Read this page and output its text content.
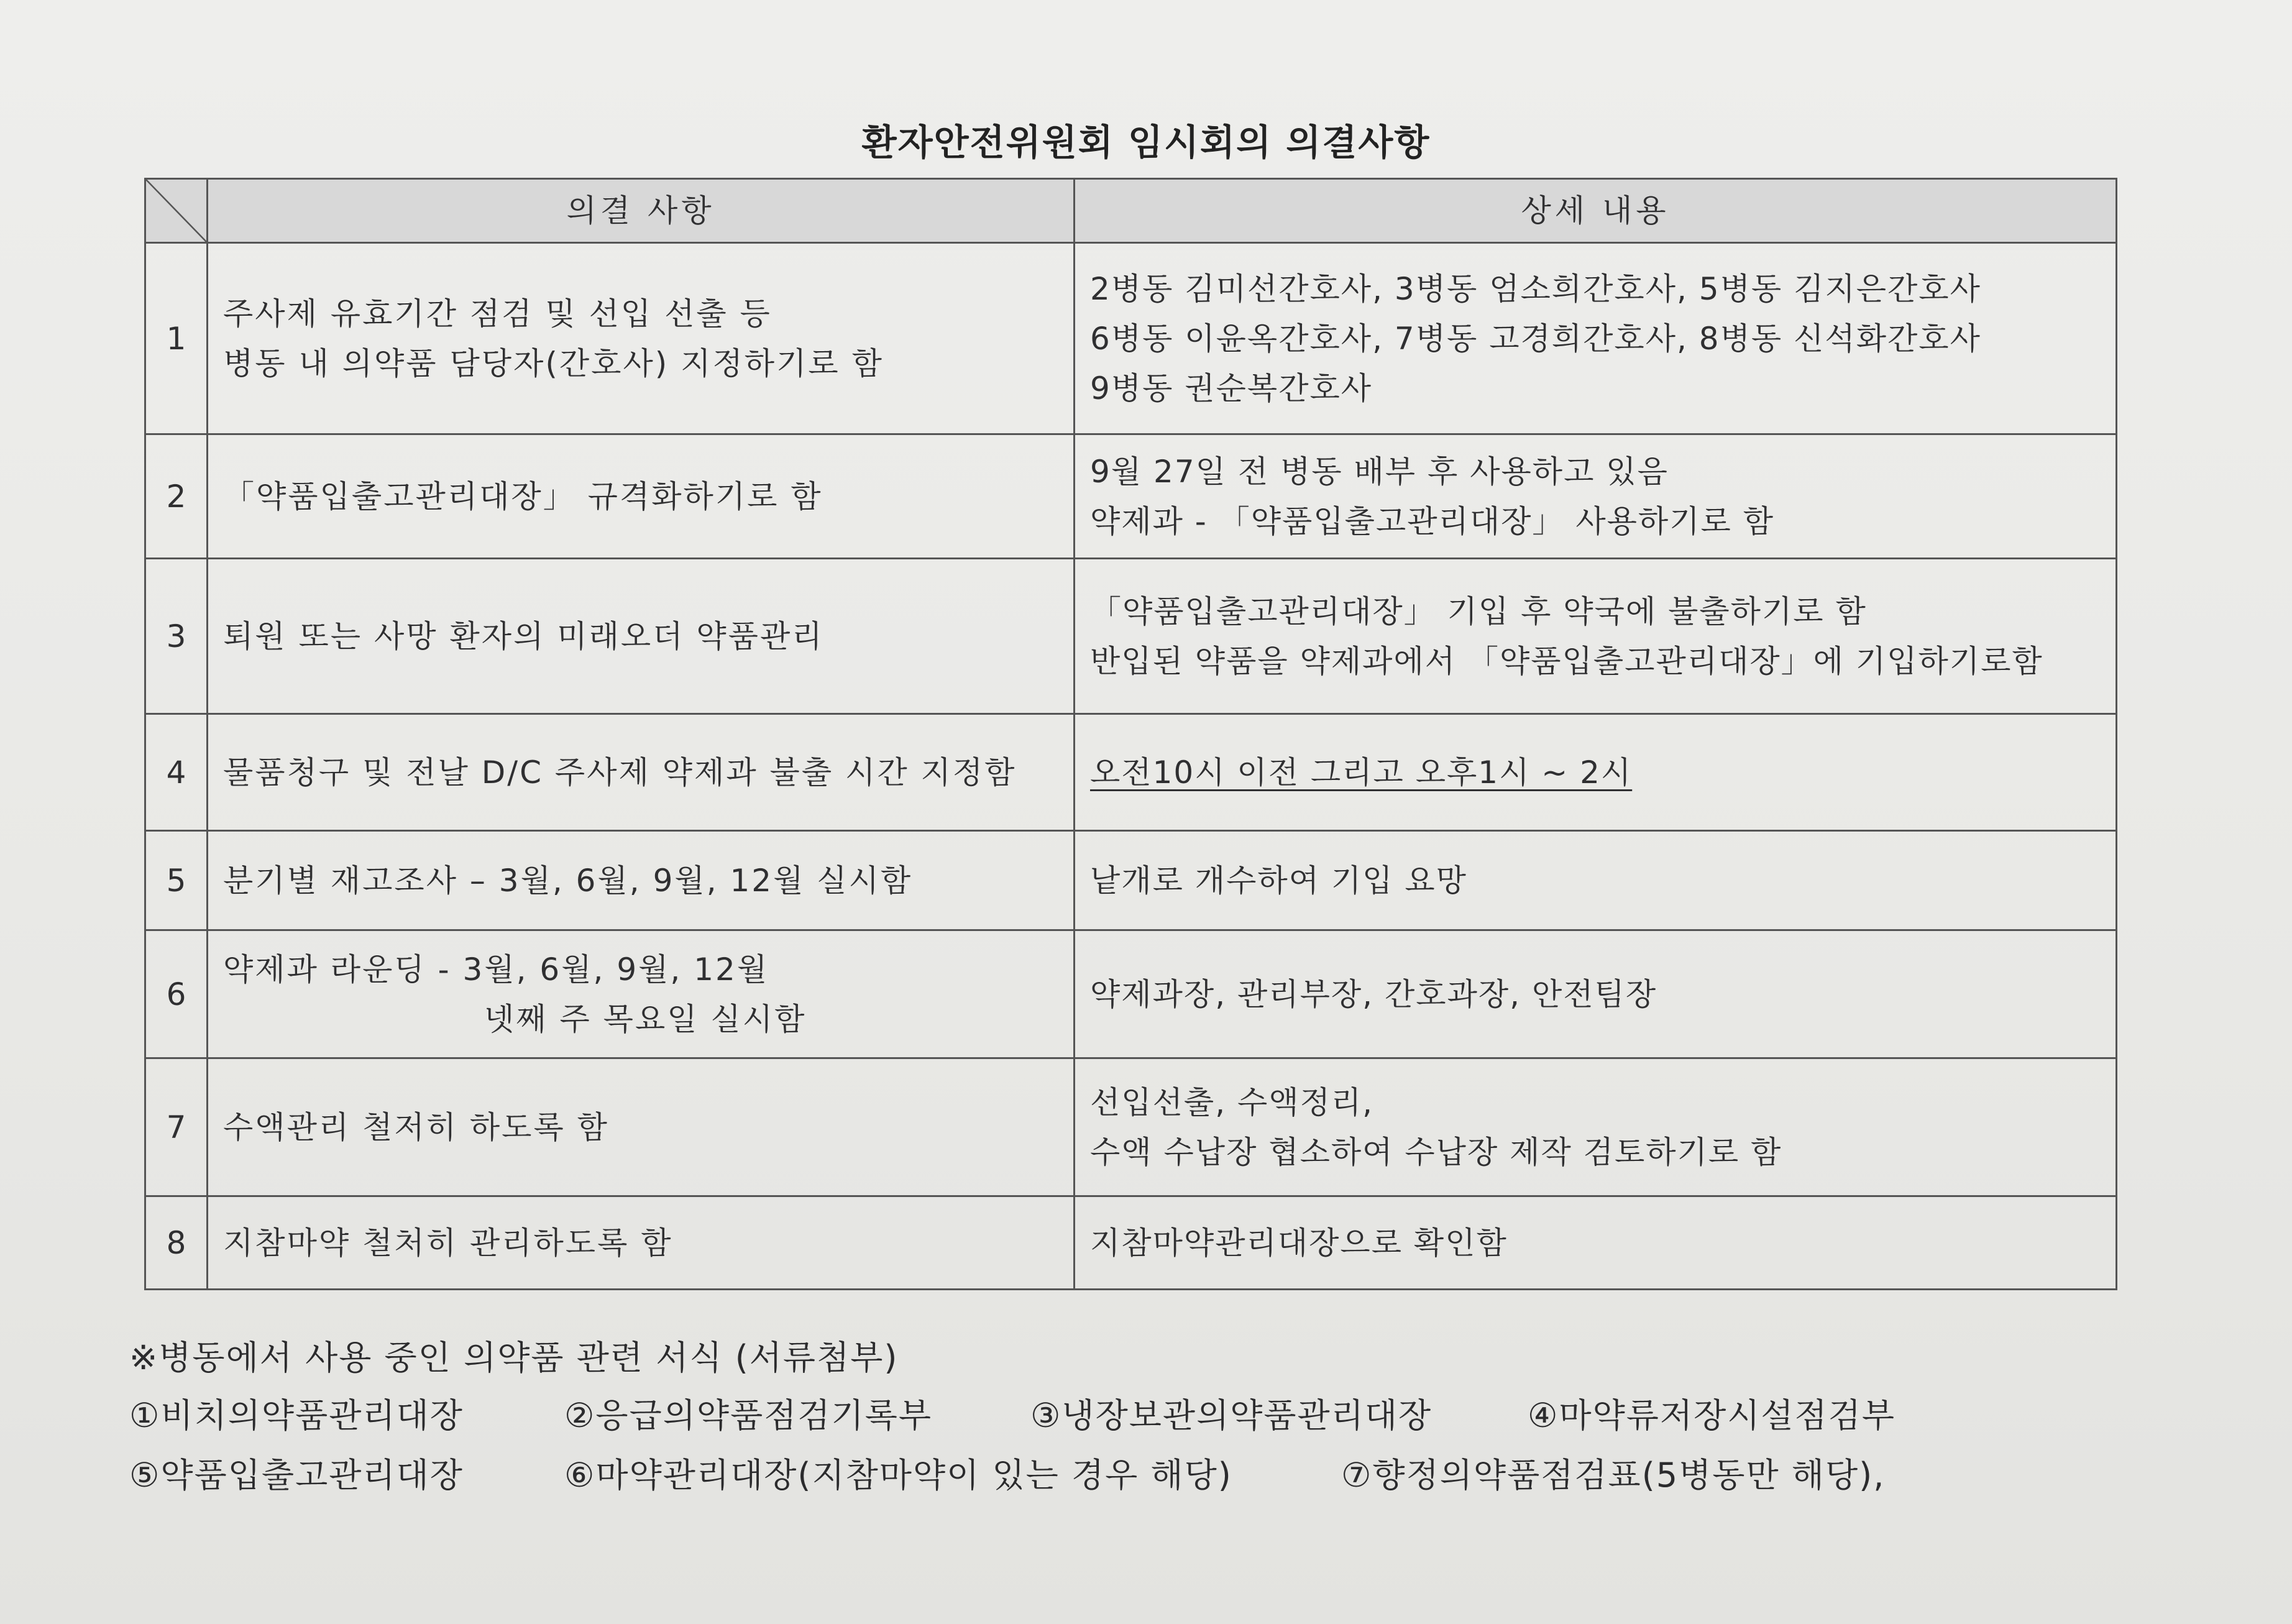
환자안전위원회 임시회의 의결사항
	의결 사항	상세 내용
1	주사제 유효기간 점검 및 선입 선출 등
병동 내 의약품 담당자(간호사) 지정하기로 함	2병동 김미선간호사, 3병동 엄소희간호사, 5병동 김지은간호사
6병동 이윤옥간호사, 7병동 고경희간호사, 8병동 신석화간호사
9병동 권순복간호사

2	「약품입출고관리대장」 규격화하기로 함	9월 27일 전 병동 배부 후 사용하고 있음
약제과 - 「약품입출고관리대장」 사용하기로 함

3	퇴원 또는 사망 환자의 미래오더 약품관리	「약품입출고관리대장」 기입 후 약국에 불출하기로 함
반입된 약품을 약제과에서 「약품입출고관리대장」에 기입하기로함

4	물품청구 및 전날 D/C 주사제 약제과 불출 시간 지정함	오전10시 이전 그리고 오후1시 ~ 2시

5	분기별 재고조사 – 3월, 6월, 9월, 12월 실시함	낱개로 개수하여 기입 요망

6	약제과 라운딩 - 3월, 6월, 9월, 12월
넷째 주 목요일 실시함	약제과장, 관리부장, 간호과장, 안전팀장

7	수액관리 철저히 하도록 함	선입선출, 수액정리,
수액 수납장 협소하여 수납장 제작 검토하기로 함

8	지참마약 철처히 관리하도록 함	지참마약관리대장으로 확인함
※병동에서 사용 중인 의약품 관련 서식 (서류첨부)
①비치의약품관리대장	②응급의약품점검기록부	③냉장보관의약품관리대장	④마약류저장시설점검부
⑤약품입출고관리대장	⑥마약관리대장(지참마약이 있는 경우 해당)	⑦향정의약품점검표(5병동만 해당),
